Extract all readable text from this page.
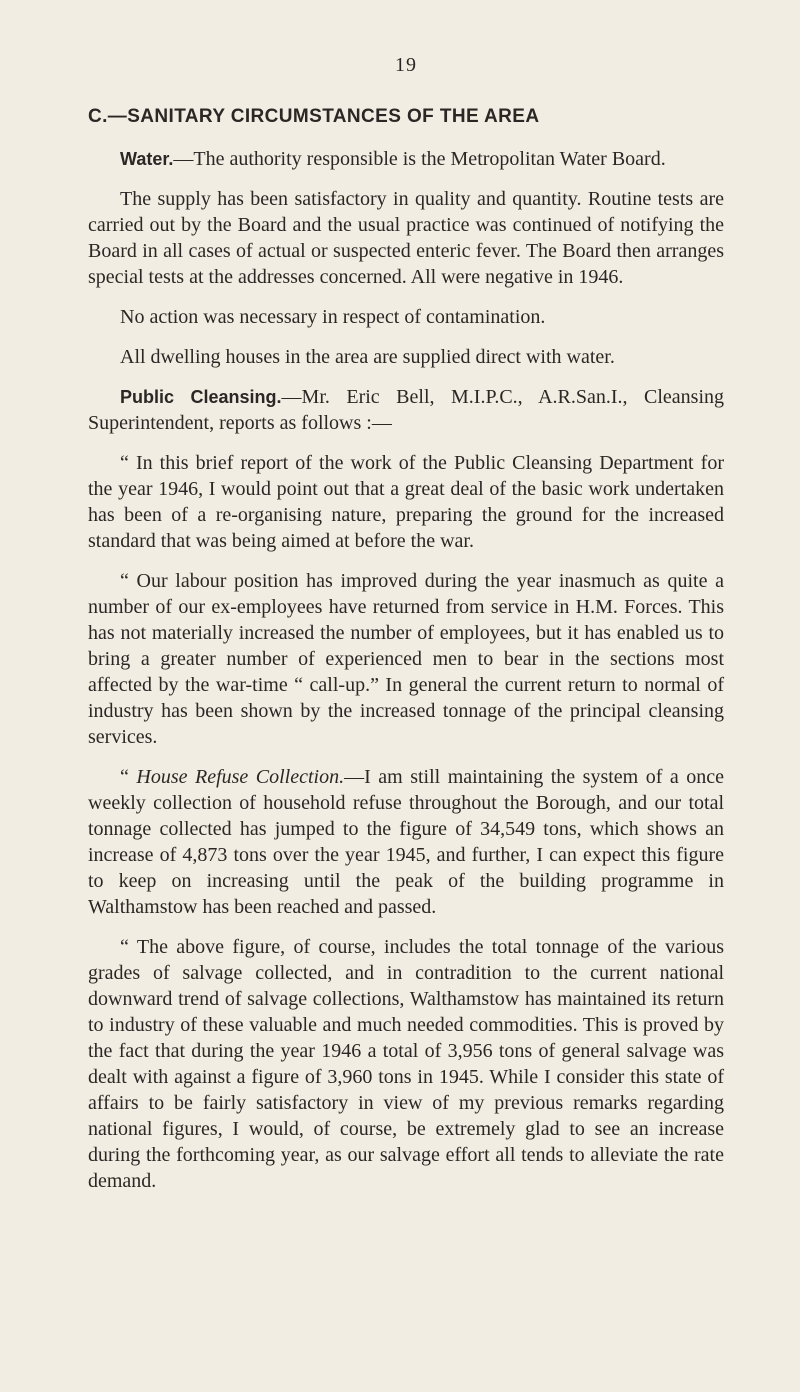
19
C.—SANITARY CIRCUMSTANCES OF THE AREA

Water.—The authority responsible is the Metropolitan Water Board.

The supply has been satisfactory in quality and quantity. Routine tests are carried out by the Board and the usual practice was continued of notifying the Board in all cases of actual or suspected enteric fever. The Board then arranges special tests at the addresses concerned. All were negative in 1946.

No action was necessary in respect of contamination.

All dwelling houses in the area are supplied direct with water.

Public Cleansing.—Mr. Eric Bell, M.I.P.C., A.R.San.I., Cleansing Superintendent, reports as follows :—

“ In this brief report of the work of the Public Cleansing Department for the year 1946, I would point out that a great deal of the basic work undertaken has been of a re-organising nature, preparing the ground for the increased standard that was being aimed at before the war.

“ Our labour position has improved during the year inasmuch as quite a number of our ex-employees have returned from service in H.M. Forces. This has not materially increased the number of employees, but it has enabled us to bring a greater number of experienced men to bear in the sections most affected by the war-time “ call-up.” In general the current return to normal of industry has been shown by the increased tonnage of the principal cleansing services.

“ House Refuse Collection.—I am still maintaining the system of a once weekly collection of household refuse throughout the Borough, and our total tonnage collected has jumped to the figure of 34,549 tons, which shows an increase of 4,873 tons over the year 1945, and further, I can expect this figure to keep on increasing until the peak of the building programme in Walthamstow has been reached and passed.

“ The above figure, of course, includes the total tonnage of the various grades of salvage collected, and in contradition to the current national downward trend of salvage collections, Walthamstow has maintained its return to industry of these valuable and much needed commodities. This is proved by the fact that during the year 1946 a total of 3,956 tons of general salvage was dealt with against a figure of 3,960 tons in 1945. While I consider this state of affairs to be fairly satisfactory in view of my previous remarks regarding national figures, I would, of course, be extremely glad to see an increase during the forthcoming year, as our salvage effort all tends to alleviate the rate demand.
